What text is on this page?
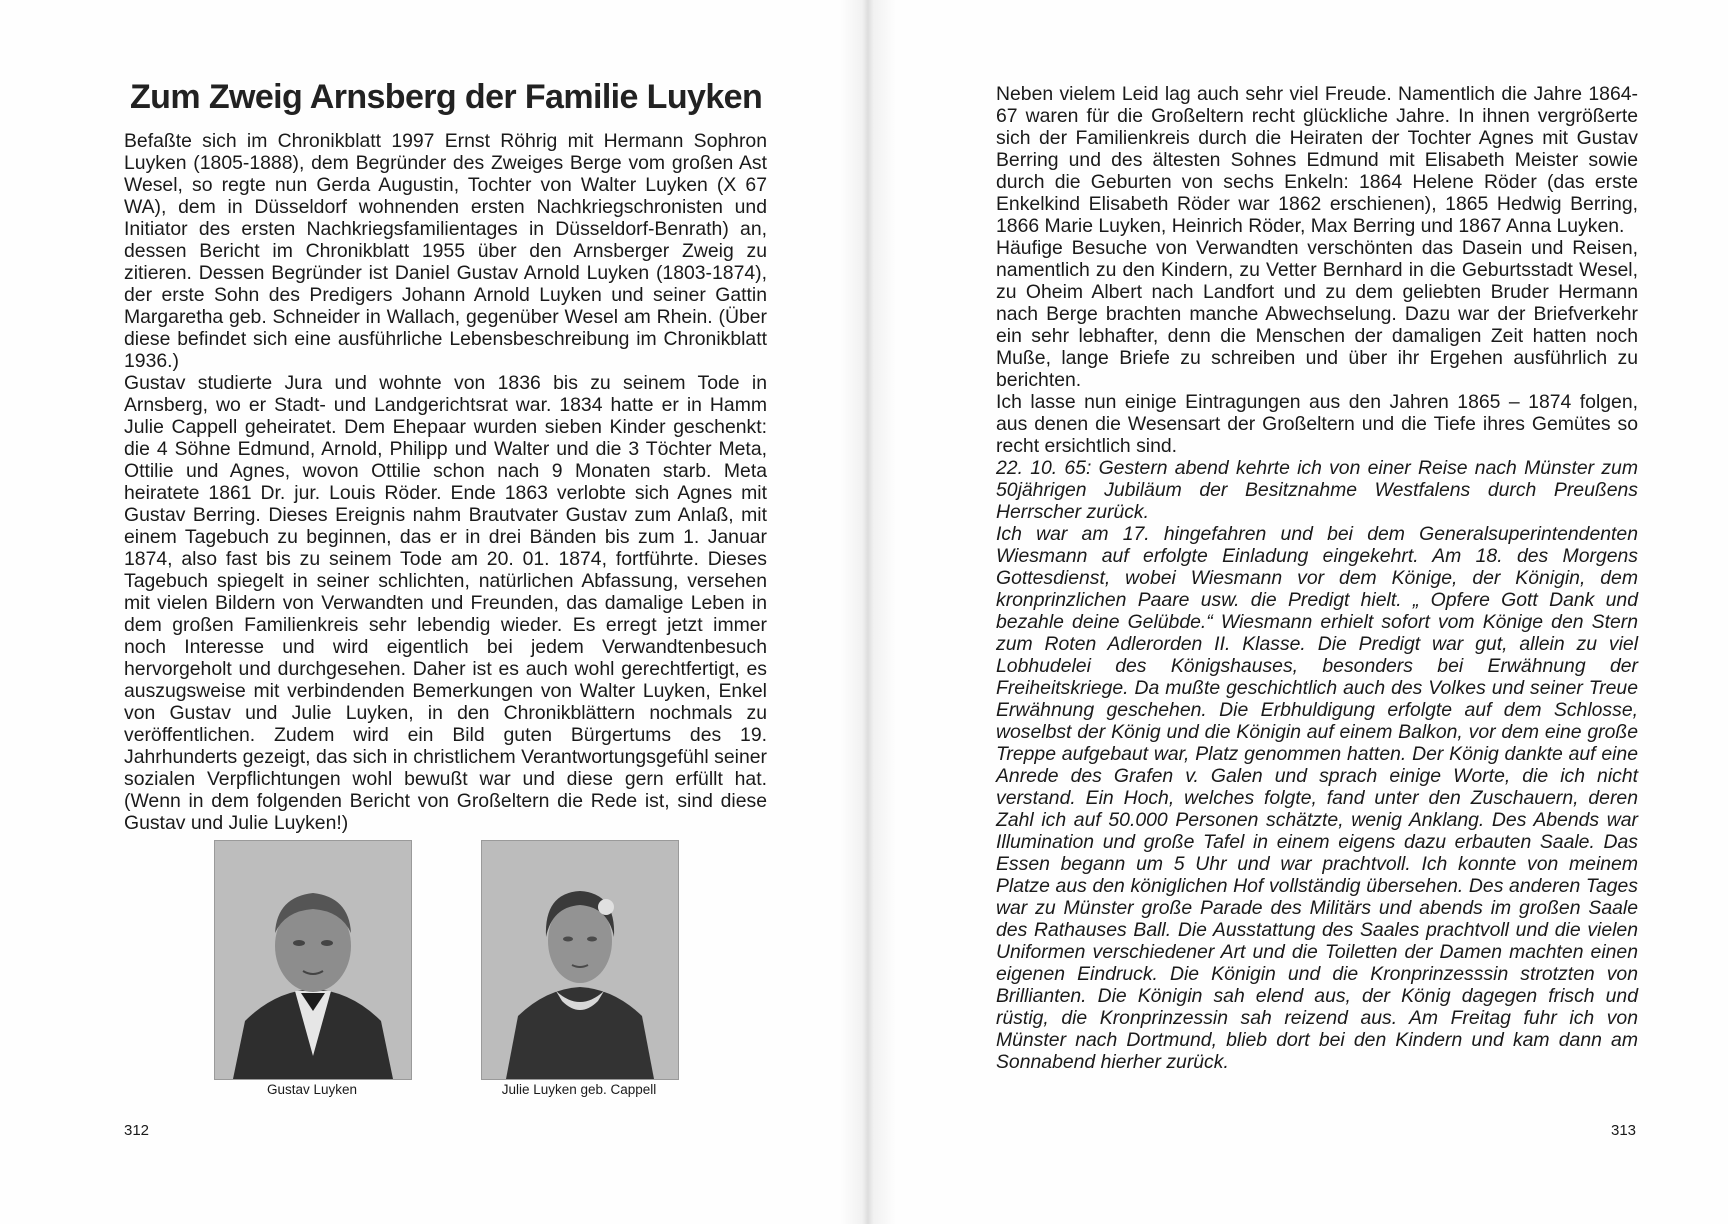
Zum Zweig Arnsberg der Familie Luyken

Befaßte sich im Chronikblatt 1997 Ernst Röhrig mit Hermann Sophron Luyken (1805-1888), dem Begründer des Zweiges Berge vom großen Ast Wesel, so regte nun Gerda Augustin, Tochter von Walter Luyken (X 67 WA), dem in Düsseldorf wohnenden ersten Nachkriegschronisten und Initiator des ersten Nachkriegsfamilientages in Düsseldorf-Benrath) an, dessen Bericht im Chronikblatt 1955 über den Arnsberger Zweig zu zitieren. Dessen Begründer ist Daniel Gustav Arnold Luyken (1803-1874), der erste Sohn des Predigers Johann Arnold Luyken und seiner Gattin Margaretha geb. Schneider in Wallach, gegenüber Wesel am Rhein. (Über diese befindet sich eine ausführliche Lebensbeschreibung im Chronikblatt 1936.)

Gustav studierte Jura und wohnte von 1836 bis zu seinem Tode in Arnsberg, wo er Stadt- und Landgerichtsrat war. 1834 hatte er in Hamm Julie Cappell geheiratet. Dem Ehepaar wurden sieben Kinder geschenkt: die 4 Söhne Edmund, Arnold, Philipp und Walter und die 3 Töchter Meta, Ottilie und Agnes, wovon Ottilie schon nach 9 Monaten starb. Meta heiratete 1861 Dr. jur. Louis Röder. Ende 1863 verlobte sich Agnes mit Gustav Berring. Dieses Ereignis nahm Brautvater Gustav zum Anlaß, mit einem Tagebuch zu beginnen, das er in drei Bänden bis zum 1. Januar 1874, also fast bis zu seinem Tode am 20. 01. 1874, fortführte. Dieses Tagebuch spiegelt in seiner schlichten, natürlichen Abfassung, versehen mit vielen Bildern von Verwandten und Freunden, das damalige Leben in dem großen Familienkreis sehr lebendig wieder. Es erregt jetzt immer noch Interesse und wird eigentlich bei jedem Verwandtenbesuch hervorgeholt und durchgesehen. Daher ist es auch wohl gerechtfertigt, es auszugsweise mit verbindenden Bemerkungen von Walter Luyken, Enkel von Gustav und Julie Luyken, in den Chronikblättern nochmals zu veröffentlichen. Zudem wird ein Bild guten Bürgertums des 19. Jahrhunderts gezeigt, das sich in christlichem Verantwortungsgefühl seiner sozialen Verpflichtungen wohl bewußt war und diese gern erfüllt hat. (Wenn in dem folgenden Bericht von Großeltern die Rede ist, sind diese Gustav und Julie Luyken!)

Gustav Luyken	Julie Luyken geb. Cappell
312

Neben vielem Leid lag auch sehr viel Freude. Namentlich die Jahre 1864-67 waren für die Großeltern recht glückliche Jahre. In ihnen vergrößerte sich der Familienkreis durch die Heiraten der Tochter Agnes mit Gustav Berring und des ältesten Sohnes Edmund mit Elisabeth Meister sowie durch die Geburten von sechs Enkeln: 1864 Helene Röder (das erste Enkelkind Elisabeth Röder war 1862 erschienen), 1865 Hedwig Berring, 1866 Marie Luyken, Heinrich Röder, Max Berring und 1867 Anna Luyken.

Häufige Besuche von Verwandten verschönten das Dasein und Reisen, namentlich zu den Kindern, zu Vetter Bernhard in die Geburtsstadt Wesel, zu Oheim Albert nach Landfort und zu dem geliebten Bruder Hermann nach Berge brachten manche Abwechselung. Dazu war der Briefverkehr ein sehr lebhafter, denn die Menschen der damaligen Zeit hatten noch Muße, lange Briefe zu schreiben und über ihr Ergehen ausführlich zu berichten.

Ich lasse nun einige Eintragungen aus den Jahren 1865 – 1874 folgen, aus denen die Wesensart der Großeltern und die Tiefe ihres Gemütes so recht ersichtlich sind.

22. 10. 65: Gestern abend kehrte ich von einer Reise nach Münster zum 50jährigen Jubiläum der Besitznahme Westfalens durch Preußens Herrscher zurück.

Ich war am 17. hingefahren und bei dem Generalsuperintendenten Wiesmann auf erfolgte Einladung eingekehrt. Am 18. des Morgens Gottesdienst, wobei Wiesmann vor dem Könige, der Königin, dem kronprinzlichen Paare usw. die Predigt hielt. „ Opfere Gott Dank und bezahle deine Gelübde.“ Wiesmann erhielt sofort vom Könige den Stern zum Roten Adlerorden II. Klasse. Die Predigt war gut, allein zu viel Lobhudelei des Königshauses, besonders bei Erwähnung der Freiheitskriege. Da mußte geschichtlich auch des Volkes und seiner Treue Erwähnung geschehen. Die Erbhuldigung erfolgte auf dem Schlosse, woselbst der König und die Königin auf einem Balkon, vor dem eine große Treppe aufgebaut war, Platz genommen hatten. Der König dankte auf eine Anrede des Grafen v. Galen und sprach einige Worte, die ich nicht verstand. Ein Hoch, welches folgte, fand unter den Zuschauern, deren Zahl ich auf 50.000 Personen schätzte, wenig Anklang. Des Abends war Illumination und große Tafel in einem eigens dazu erbauten Saale. Das Essen begann um 5 Uhr und war prachtvoll. Ich konnte von meinem Platze aus den königlichen Hof vollständig übersehen. Des anderen Tages war zu Münster große Parade des Militärs und abends im großen Saale des Rathauses Ball. Die Ausstattung des Saales prachtvoll und die vielen Uniformen verschiedener Art und die Toiletten der Damen machten einen eigenen Eindruck. Die Königin und die Kronprinzesssin strotzten von Brillianten. Die Königin sah elend aus, der König dagegen frisch und rüstig, die Kronprinzessin sah reizend aus. Am Freitag fuhr ich von Münster nach Dortmund, blieb dort bei den Kindern und kam dann am Sonnabend hierher zurück.

313
